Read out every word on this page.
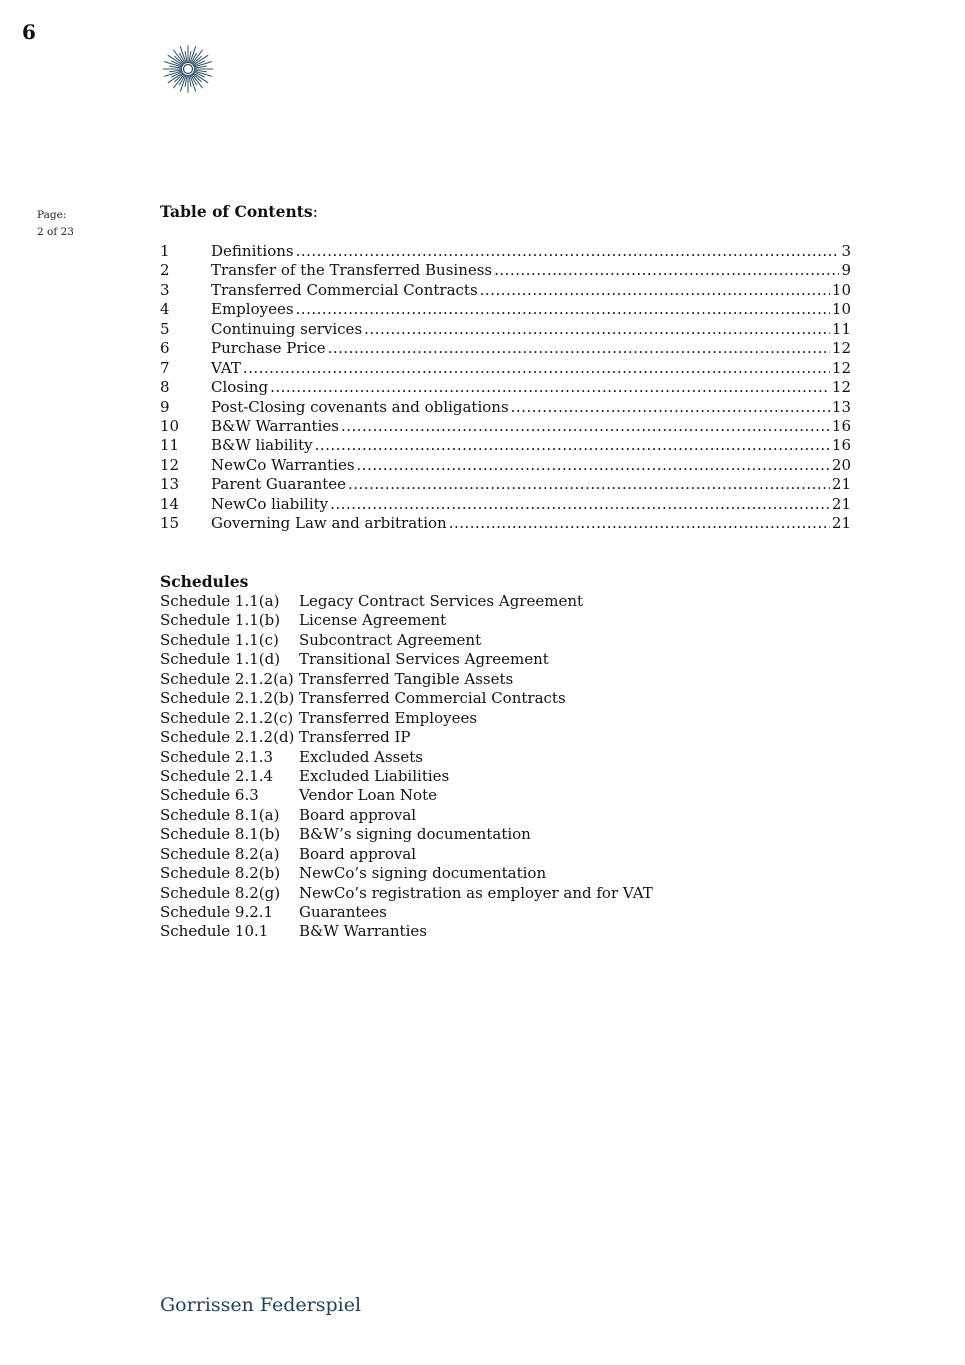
6
Page:
2 of 23
Table of Contents:
1	Definitions .....	3
2	Transfer of the Transferred Business .....	9
3	Transferred Commercial Contracts .....	10
4	Employees .....	10
5	Continuing services .....	11
6	Purchase Price .....	12
7	VAT .....	12
8	Closing .....	12
9	Post-Closing covenants and obligations .....	13
10	B&W Warranties .....	16
11	B&W liability .....	16
12	NewCo Warranties .....	20
13	Parent Guarantee .....	21
14	NewCo liability .....	21
15	Governing Law and arbitration .....	21
Schedules
Schedule 1.1(a)	Legacy Contract Services Agreement
Schedule 1.1(b)	License Agreement
Schedule 1.1(c)	Subcontract Agreement
Schedule 1.1(d)	Transitional Services Agreement
Schedule 2.1.2(a) Transferred Tangible Assets
Schedule 2.1.2(b) Transferred Commercial Contracts
Schedule 2.1.2(c) Transferred Employees
Schedule 2.1.2(d) Transferred IP
Schedule 2.1.3	Excluded Assets
Schedule 2.1.4	Excluded Liabilities
Schedule 6.3	Vendor Loan Note
Schedule 8.1(a)	Board approval
Schedule 8.1(b)	B&W’s signing documentation
Schedule 8.2(a)	Board approval
Schedule 8.2(b)	NewCo’s signing documentation
Schedule 8.2(g)	NewCo’s registration as employer and for VAT
Schedule 9.2.1	Guarantees
Schedule 10.1	B&W Warranties
Gorrissen Federspiel
